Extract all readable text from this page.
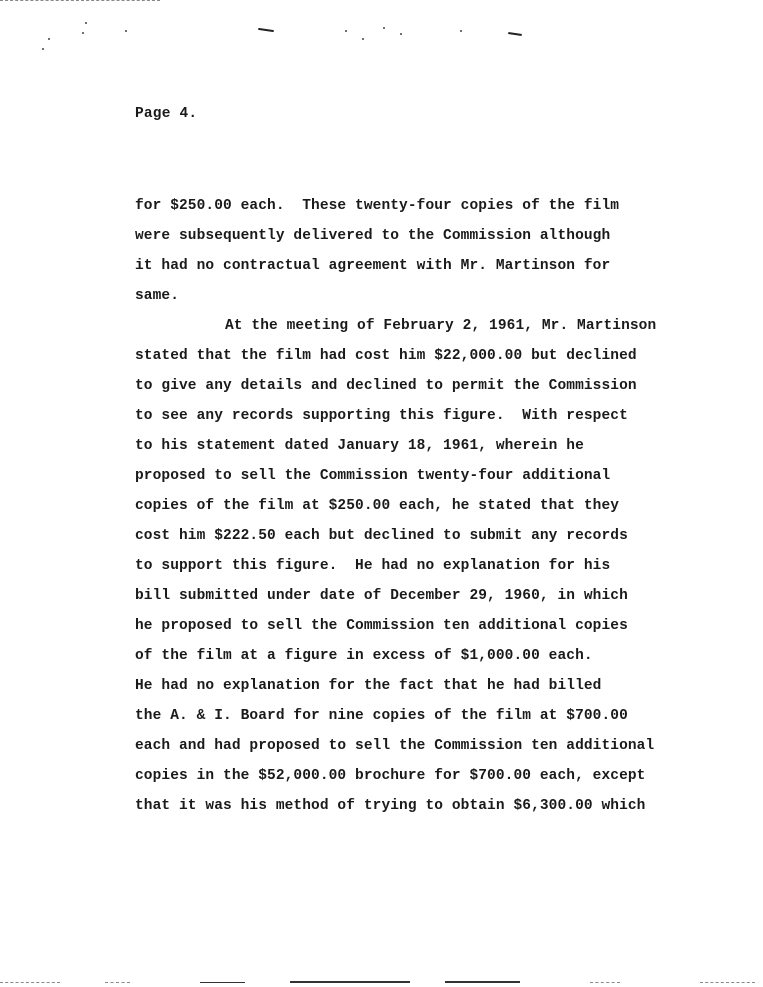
Page 4.
for $250.00 each.  These twenty-four copies of the film
were subsequently delivered to the Commission although
it had no contractual agreement with Mr. Martinson for
same.
At the meeting of February 2, 1961, Mr. Martinson
stated that the film had cost him $22,000.00 but declined
to give any details and declined to permit the Commission
to see any records supporting this figure.  With respect
to his statement dated January 18, 1961, wherein he
proposed to sell the Commission twenty-four additional
copies of the film at $250.00 each, he stated that they
cost him $222.50 each but declined to submit any records
to support this figure.  He had no explanation for his
bill submitted under date of December 29, 1960, in which
he proposed to sell the Commission ten additional copies
of the film at a figure in excess of $1,000.00 each.
He had no explanation for the fact that he had billed
the A. & I. Board for nine copies of the film at $700.00
each and had proposed to sell the Commission ten additional
copies in the $52,000.00 brochure for $700.00 each, except
that it was his method of trying to obtain $6,300.00 which
